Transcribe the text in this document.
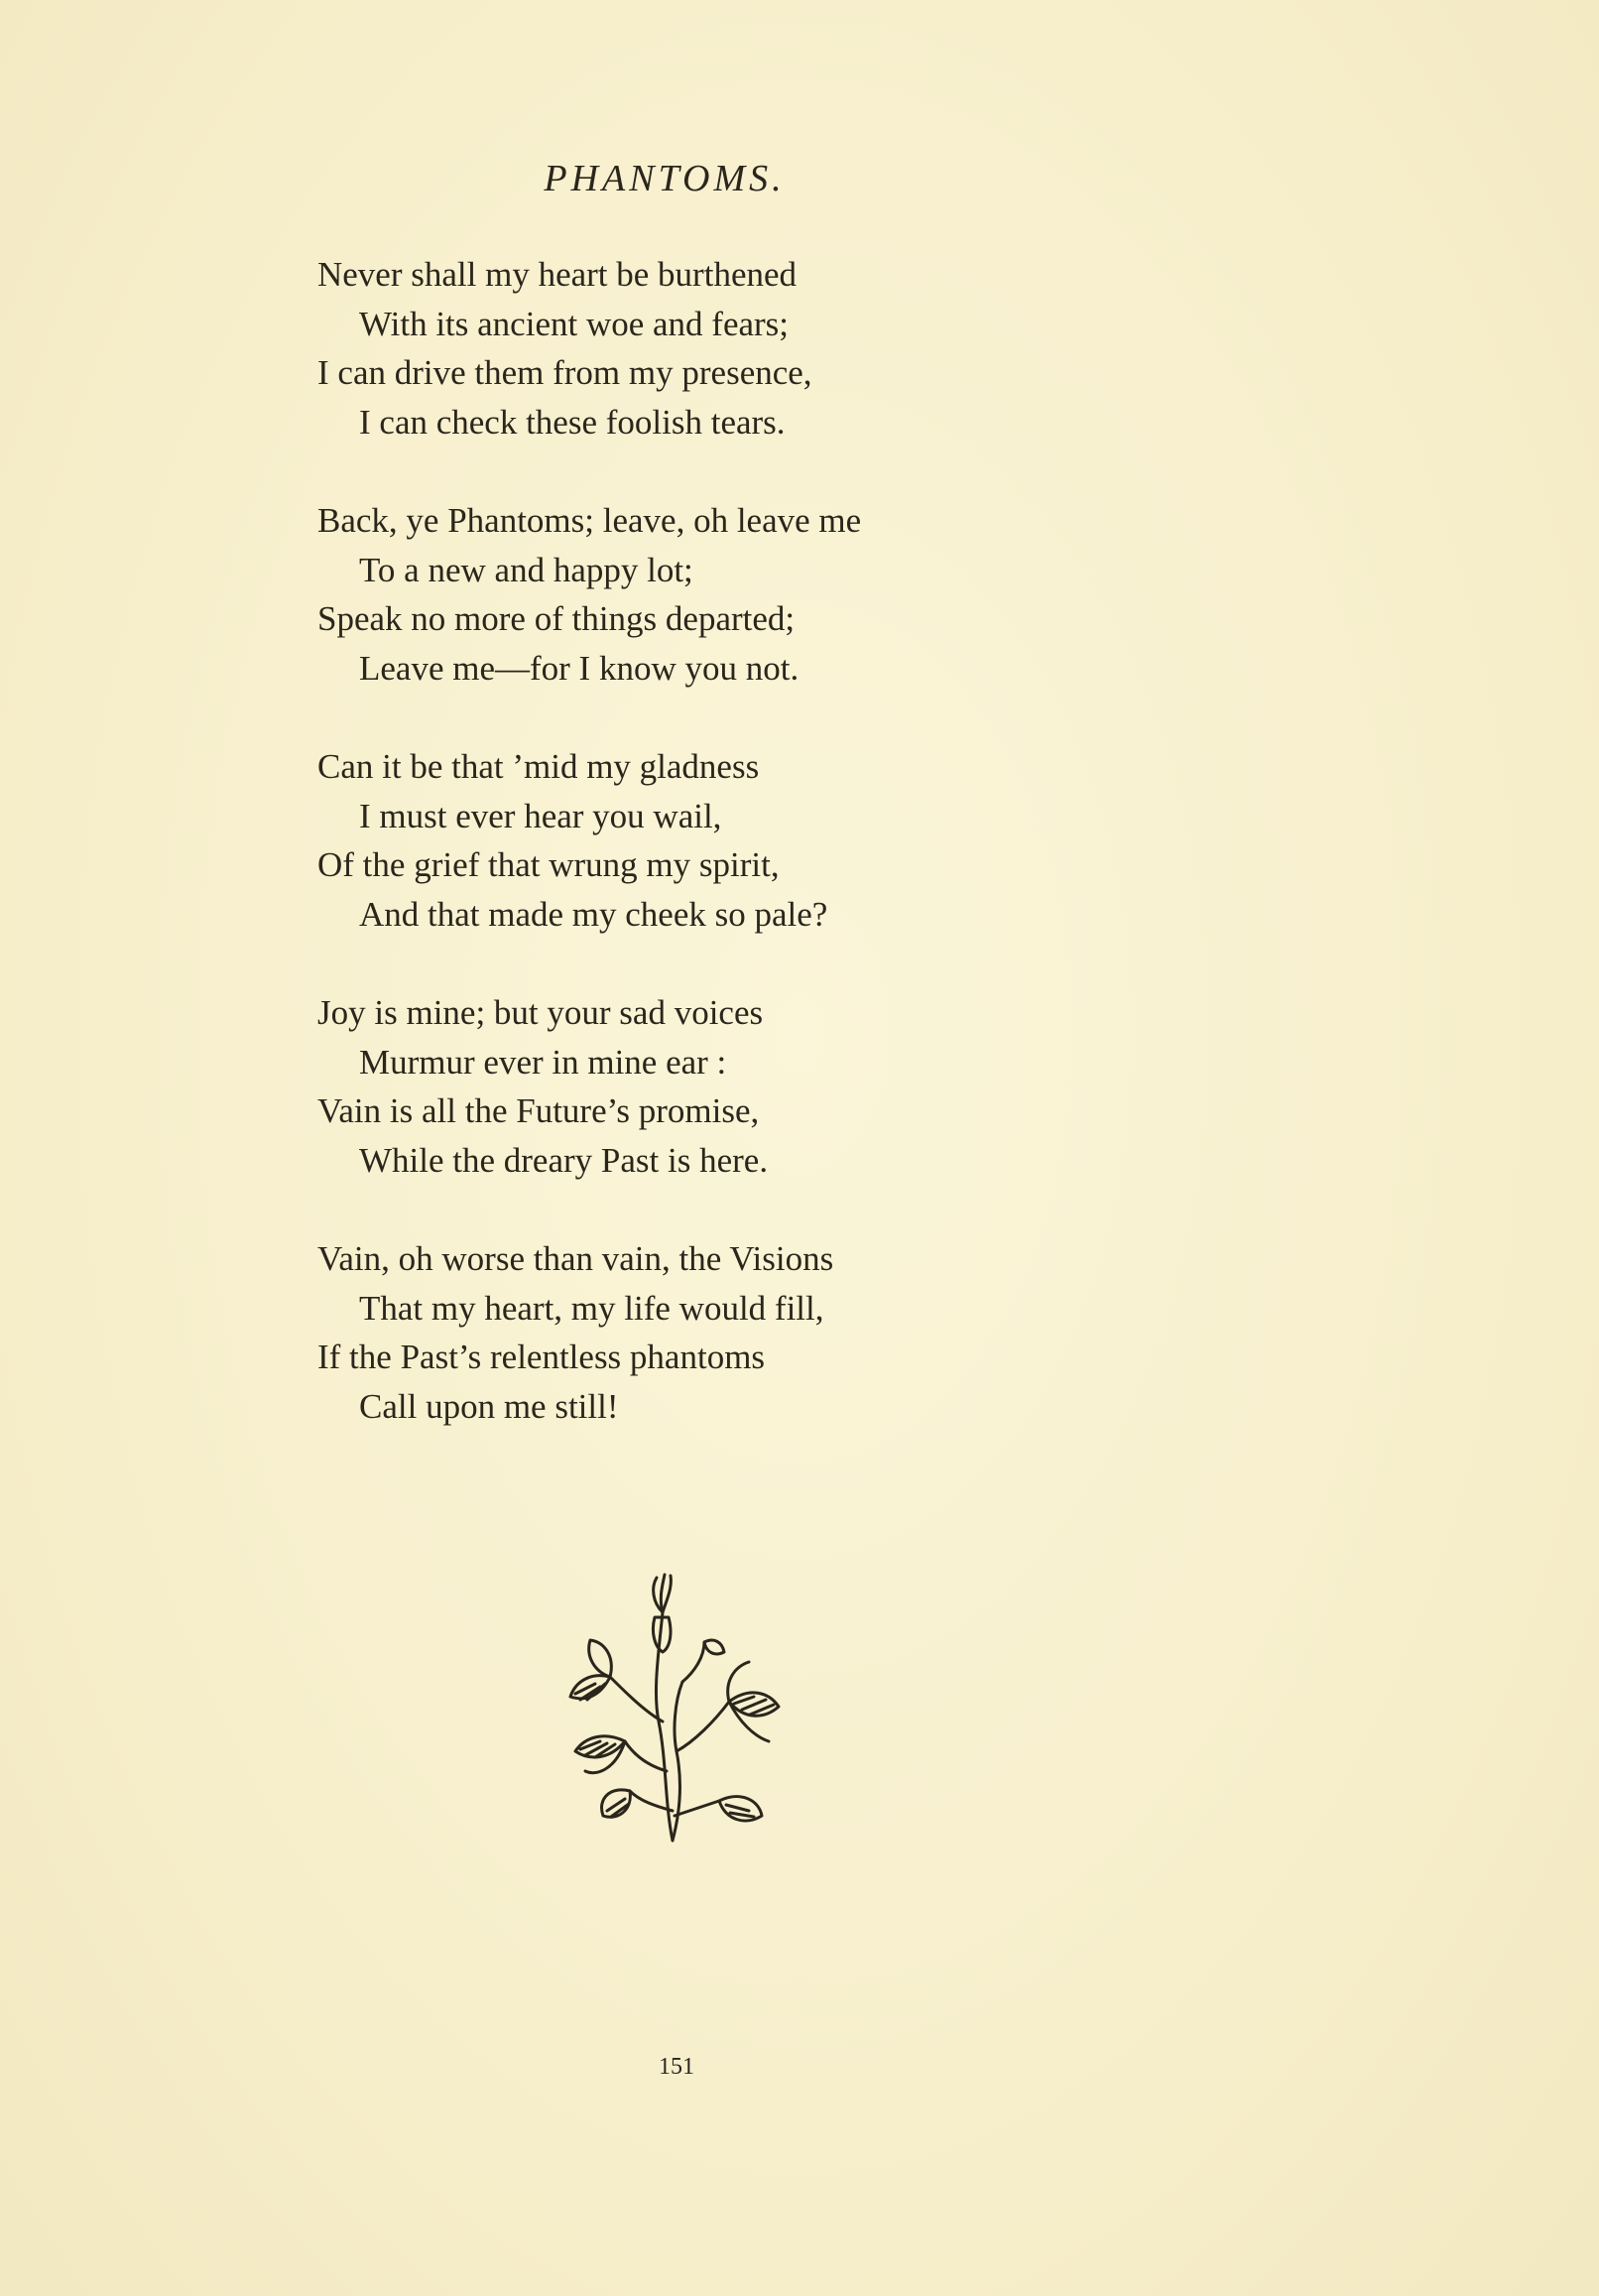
PHANTOMS.
Never shall my heart be burthened
With its ancient woe and fears;
I can drive them from my presence,
I can check these foolish tears.
Back, ye Phantoms; leave, oh leave me
To a new and happy lot;
Speak no more of things departed;
Leave me—for I know you not.
Can it be that ’mid my gladness
I must ever hear you wail,
Of the grief that wrung my spirit,
And that made my cheek so pale?
Joy is mine; but your sad voices
Murmur ever in mine ear :
Vain is all the Future’s promise,
While the dreary Past is here.
Vain, oh worse than vain, the Visions
That my heart, my life would fill,
If the Past’s relentless phantoms
Call upon me still!
151
